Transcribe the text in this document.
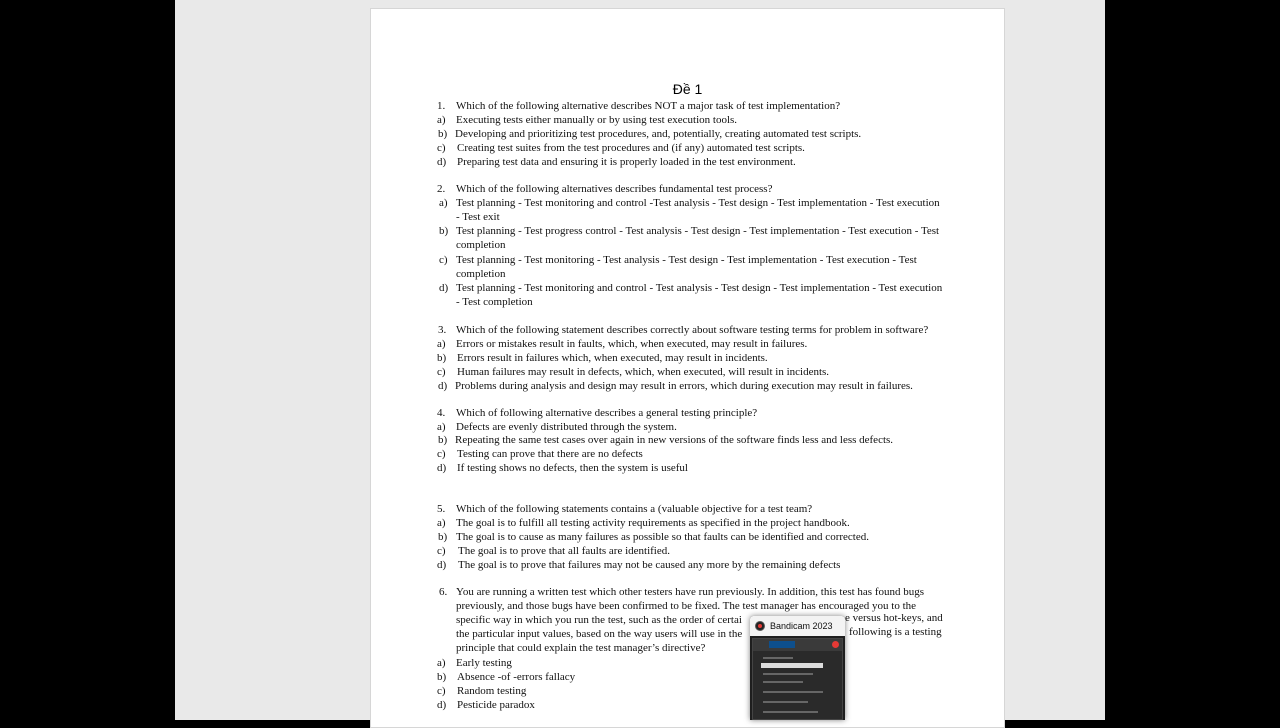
Đề 1
1. Which of the following alternative describes NOT a major task of test implementation?
a) Executing tests either manually or by using test execution tools.
b) Developing and prioritizing test procedures, and, potentially, creating automated test scripts.
c) Creating test suites from the test procedures and (if any) automated test scripts.
d) Preparing test data and ensuring it is properly loaded in the test environment.
2. Which of the following alternatives describes fundamental test process?
a) Test planning - Test monitoring and control -Test analysis - Test design - Test implementation - Test execution
- Test exit
b) Test planning - Test progress control - Test analysis - Test design - Test implementation - Test execution - Test
completion
c) Test planning - Test monitoring - Test analysis - Test design - Test implementation - Test execution - Test
completion
d) Test planning - Test monitoring and control - Test analysis - Test design - Test implementation - Test execution
- Test completion
3. Which of the following statement describes correctly about software testing terms for problem in software?
a) Errors or mistakes result in faults, which, when executed, may result in failures.
b) Errors result in failures which, when executed, may result in incidents.
c) Human failures may result in defects, which, when executed, will result in incidents.
d) Problems during analysis and design may result in errors, which during execution may result in failures.
4. Which of following alternative describes a general testing principle?
a) Defects are evenly distributed through the system.
b) Repeating the same test cases over again in new versions of the software finds less and less defects.
c) Testing can prove that there are no defects
d) If testing shows no defects, then the system is useful
5. Which of the following statements contains a (valuable objective for a test team?
a) The goal is to fulfill all testing activity requirements as specified in the project handbook.
b) The goal is to cause as many failures as possible so that faults can be identified and corrected.
c) The goal is to prove that all faults are identified.
d) The goal is to prove that failures may not be caused any more by the remaining defects
6. You are running a written test which other testers have run previously. In addition, this test has found bugs
previously, and those bugs have been confirmed to be fixed. The test manager has encouraged you to the
specific way in which you run the test, such as the order of certai
the particular input values, based on the way users will use in the
principle that could explain the test manager’s directive?
a) Early testing
b) Absence -of -errors fallacy
c) Random testing
d) Pesticide paradox
e versus hot-keys, and
following is a testing
Bandicam 2023
